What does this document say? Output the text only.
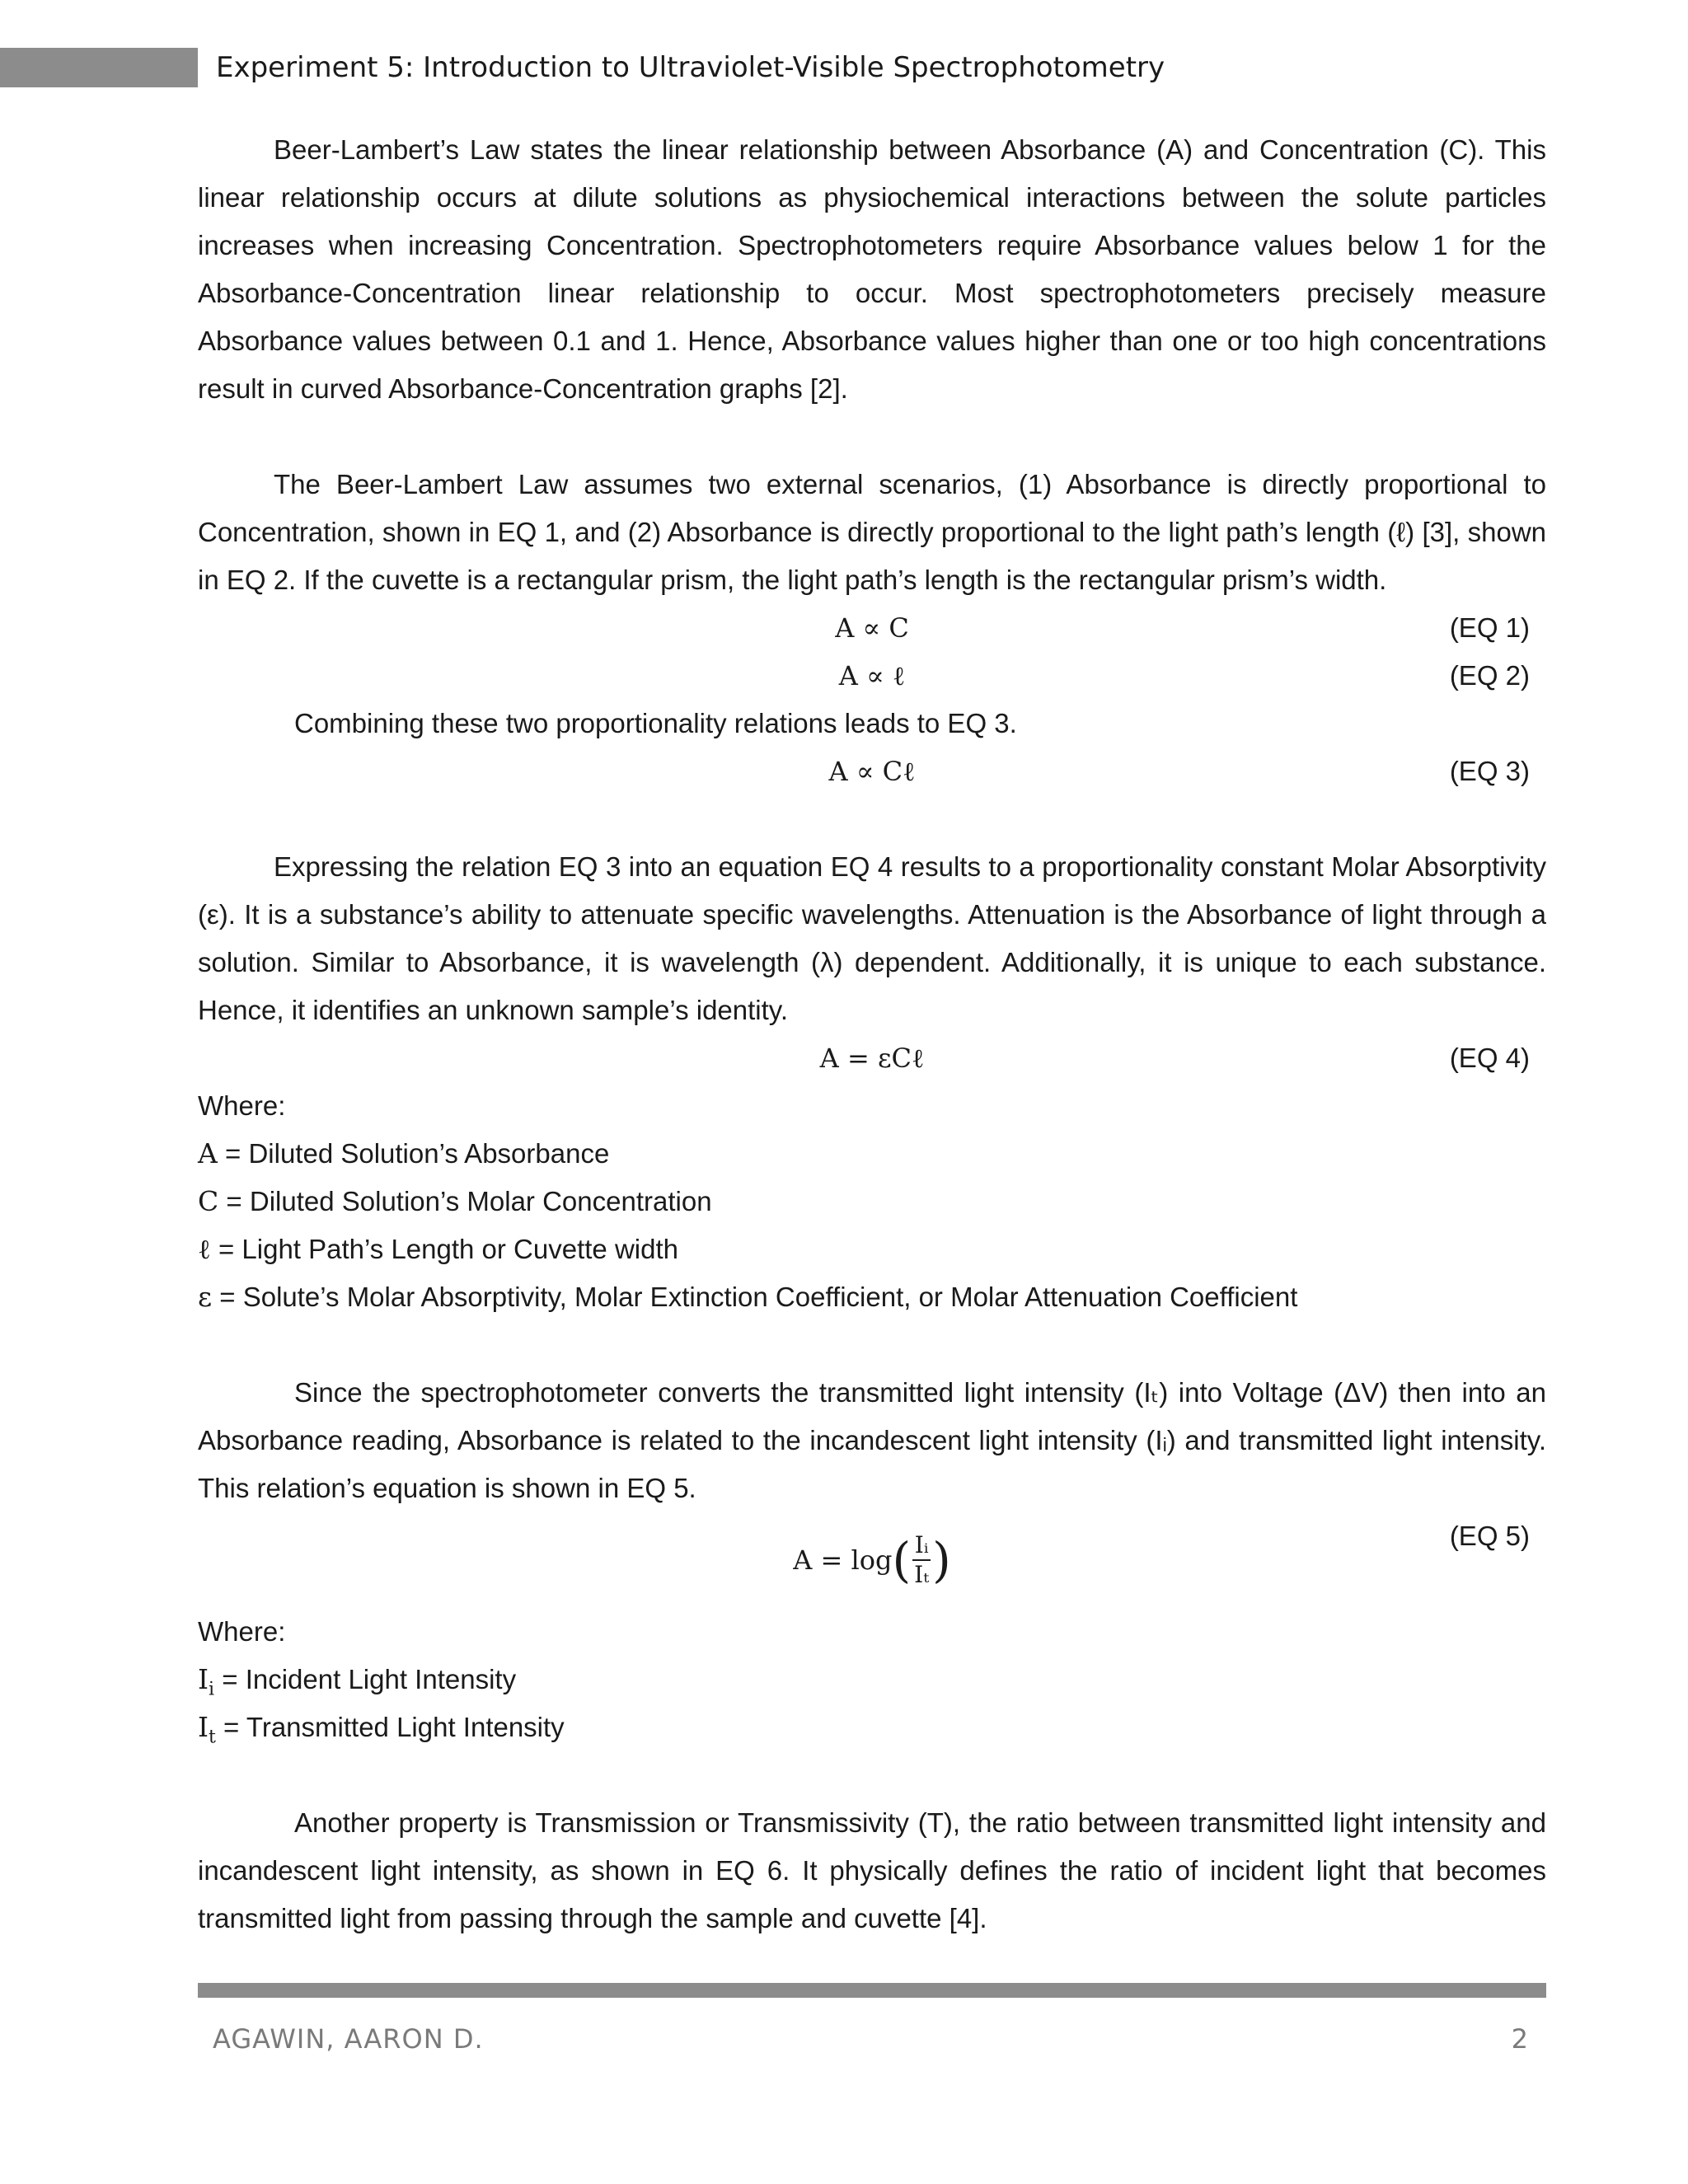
Experiment 5: Introduction to Ultraviolet-Visible Spectrophotometry

Beer-Lambert’s Law states the linear relationship between Absorbance (A) and Concentration (C). This linear relationship occurs at dilute solutions as physiochemical interactions between the solute particles increases when increasing Concentration. Spectrophotometers require Absorbance values below 1 for the Absorbance-Concentration linear relationship to occur. Most spectrophotometers precisely measure Absorbance values between 0.1 and 1. Hence, Absorbance values higher than one or too high concentrations result in curved Absorbance-Concentration graphs [2].

The Beer-Lambert Law assumes two external scenarios, (1) Absorbance is directly proportional to Concentration, shown in EQ 1, and (2) Absorbance is directly proportional to the light path’s length (ℓ) [3], shown in EQ 2. If the cuvette is a rectangular prism, the light path’s length is the rectangular prism’s width.

A ∝ C	(EQ 1)
A ∝ ℓ	(EQ 2)
Combining these two proportionality relations leads to EQ 3.
A ∝ Cℓ	(EQ 3)

Expressing the relation EQ 3 into an equation EQ 4 results to a proportionality constant Molar Absorptivity (ε). It is a substance’s ability to attenuate specific wavelengths. Attenuation is the Absorbance of light through a solution. Similar to Absorbance, it is wavelength (λ) dependent. Additionally, it is unique to each substance. Hence, it identifies an unknown sample’s identity.

A = εCℓ	(EQ 4)
Where:
A = Diluted Solution’s Absorbance
C = Diluted Solution’s Molar Concentration
ℓ = Light Path’s Length or Cuvette width
ε = Solute’s Molar Absorptivity, Molar Extinction Coefficient, or Molar Attenuation Coefficient

Since the spectrophotometer converts the transmitted light intensity (Iₜ) into Voltage (ΔV) then into an Absorbance reading, Absorbance is related to the incandescent light intensity (Iᵢ) and transmitted light intensity. This relation’s equation is shown in EQ 5.

A = log ( $\frac{\text{Iᵢ}}{\text{Iₜ}}$ )	(EQ 5)
Where:
$I_i$ = Incident Light Intensity
$I_t$ = Transmitted Light Intensity

Another property is Transmission or Transmissivity (T), the ratio between transmitted light intensity and incandescent light intensity, as shown in EQ 6. It physically defines the ratio of incident light that becomes transmitted light from passing through the sample and cuvette [4].

AGAWIN, AARON D.	2
